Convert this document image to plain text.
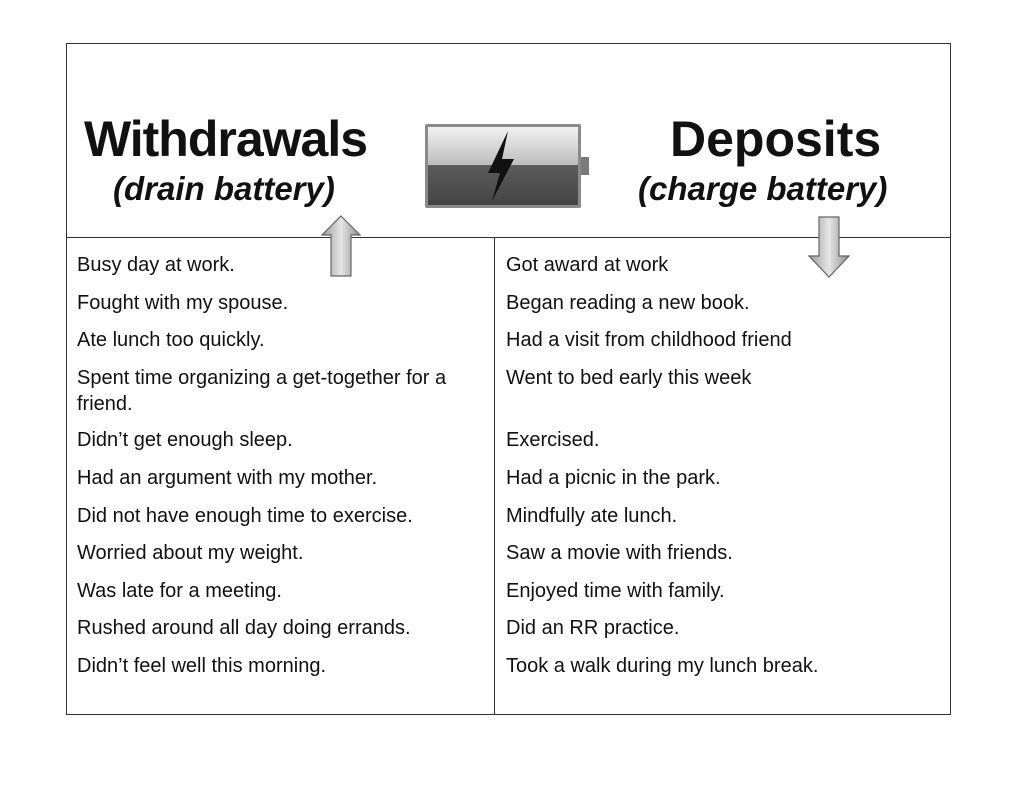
Withdrawals
(drain battery)
Deposits
(charge battery)
Busy day at work.
Fought with my spouse.
Ate lunch too quickly.
Spent time organizing a get-together for a friend.
Didn’t get enough sleep.
Had an argument with my mother.
Did not have enough time to exercise.
Worried about my weight.
Was late for a meeting.
Rushed around all day doing errands.
Didn’t feel well this morning.
Got award at work
Began reading a new book.
Had a visit from childhood friend
Went to bed early this week
Exercised.
Had a picnic in the park.
Mindfully ate lunch.
Saw a movie with friends.
Enjoyed time with family.
Did an RR practice.
Took a walk during my lunch break.
